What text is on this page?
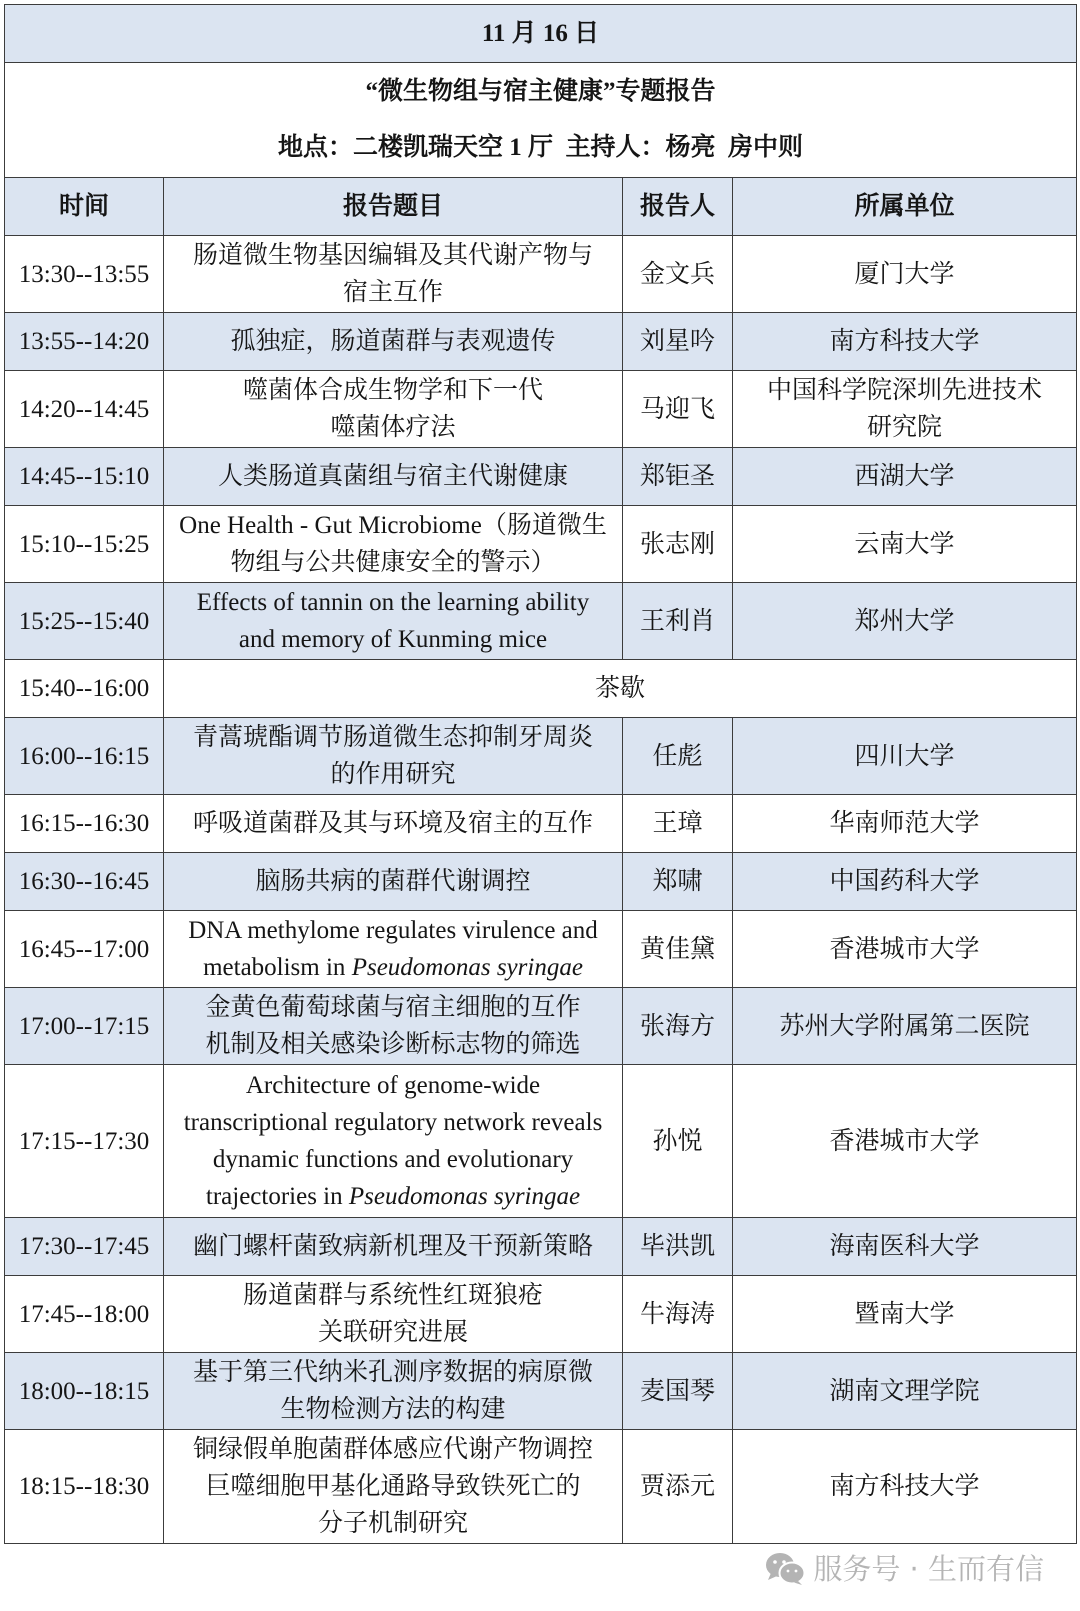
11 月 16 日			

“微生物组与宿主健康”专题报告
地点：二楼凯瑞天空 1 厅  主持人：杨亮  房中则			

时间	报告题目	报告人	所属单位
13:30--13:55	肠道微生物基因编辑及其代谢产物与
宿主互作	金文兵	厦门大学
13:55--14:20	孤独症，肠道菌群与表观遗传	刘星吟	南方科技大学
14:20--14:45	噬菌体合成生物学和下一代
噬菌体疗法	马迎飞	中国科学院深圳先进技术
研究院
14:45--15:10	人类肠道真菌组与宿主代谢健康	郑钜圣	西湖大学
15:10--15:25	One Health - Gut Microbiome（肠道微生
物组与公共健康安全的警示）	张志刚	云南大学
15:25--15:40	Effects of tannin on the learning ability
and memory of Kunming mice	王利肖	郑州大学
15:40--16:00	茶歇		
16:00--16:15	青蒿琥酯调节肠道微生态抑制牙周炎
的作用研究	任彪	四川大学
16:15--16:30	呼吸道菌群及其与环境及宿主的互作	王璋	华南师范大学
16:30--16:45	脑肠共病的菌群代谢调控	郑啸	中国药科大学
16:45--17:00	DNA methylome regulates virulence and
metabolism in Pseudomonas syringae	黄佳黛	香港城市大学
17:00--17:15	金黄色葡萄球菌与宿主细胞的互作
机制及相关感染诊断标志物的筛选	张海方	苏州大学附属第二医院
17:15--17:30	Architecture of genome-wide
transcriptional regulatory network reveals
dynamic functions and evolutionary
trajectories in Pseudomonas syringae	孙悦	香港城市大学
17:30--17:45	幽门螺杆菌致病新机理及干预新策略	毕洪凯	海南医科大学
17:45--18:00	肠道菌群与系统性红斑狼疮
关联研究进展	牛海涛	暨南大学
18:00--18:15	基于第三代纳米孔测序数据的病原微
生物检测方法的构建	麦国琴	湖南文理学院
18:15--18:30	铜绿假单胞菌群体感应代谢产物调控
巨噬细胞甲基化通路导致铁死亡的
分子机制研究	贾添元	南方科技大学
服务号 · 生而有信
